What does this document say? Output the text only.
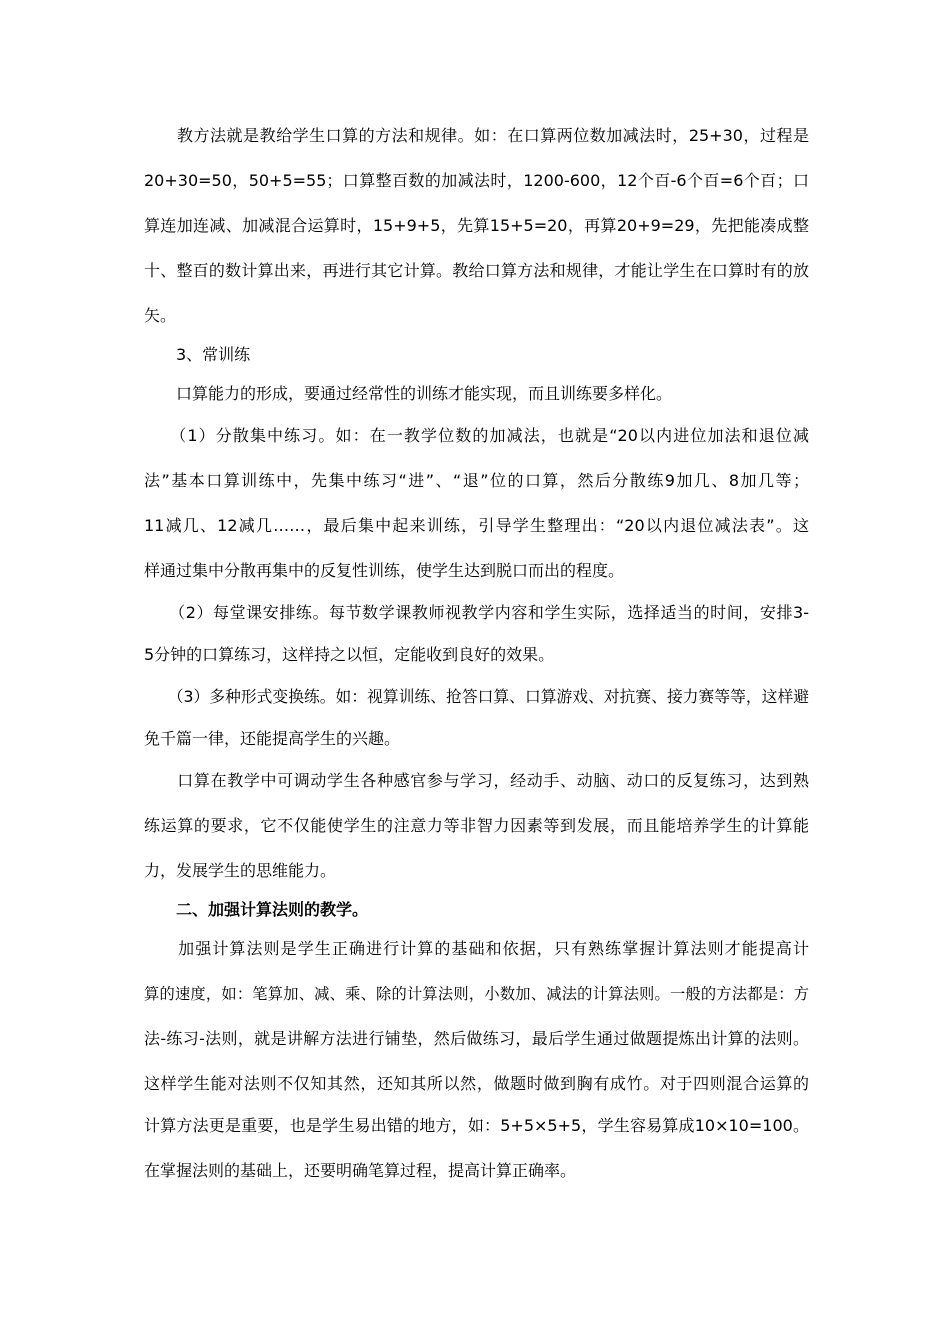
　　教方法就是教给学生口算的方法和规律。如：在口算两位数加减法时，25+30，过程是
20+30=50，50+5=55；口算整百数的加减法时，1200-600，12个百-6个百=6个百；口
算连加连减、加减混合运算时，15+9+5，先算15+5=20，再算20+9=29，先把能凑成整
十、整百的数计算出来，再进行其它计算。教给口算方法和规律，才能让学生在口算时有的放
矢。
　　3、常训练
　　口算能力的形成，要通过经常性的训练才能实现，而且训练要多样化。
　　（1）分散集中练习。如：在一教学位数的加减法，也就是“20以内进位加法和退位减
法”基本口算训练中，先集中练习“进”、“退”位的口算，然后分散练9加几、8加几等；
11减几、12减几……，最后集中起来训练，引导学生整理出：“20以内退位减法表”。这
样通过集中分散再集中的反复性训练，使学生达到脱口而出的程度。
　　（2）每堂课安排练。每节数学课教师视教学内容和学生实际，选择适当的时间，安排3-
5分钟的口算练习，这样持之以恒，定能收到良好的效果。
　　（3）多种形式变换练。如：视算训练、抢答口算、口算游戏、对抗赛、接力赛等等，这样避
免千篇一律，还能提高学生的兴趣。
　　口算在教学中可调动学生各种感官参与学习，经动手、动脑、动口的反复练习，达到熟
练运算的要求，它不仅能使学生的注意力等非智力因素等到发展，而且能培养学生的计算能
力，发展学生的思维能力。
　　二、加强计算法则的教学。
　　加强计算法则是学生正确进行计算的基础和依据，只有熟练掌握计算法则才能提高计
算的速度，如：笔算加、减、乘、除的计算法则，小数加、减法的计算法则。一般的方法都是：方
法-练习-法则，就是讲解方法进行铺垫，然后做练习，最后学生通过做题提炼出计算的法则。
这样学生能对法则不仅知其然，还知其所以然，做题时做到胸有成竹。对于四则混合运算的
计算方法更是重要，也是学生易出错的地方，如：5+5×5+5，学生容易算成10×10=100。
在掌握法则的基础上，还要明确笔算过程，提高计算正确率。
